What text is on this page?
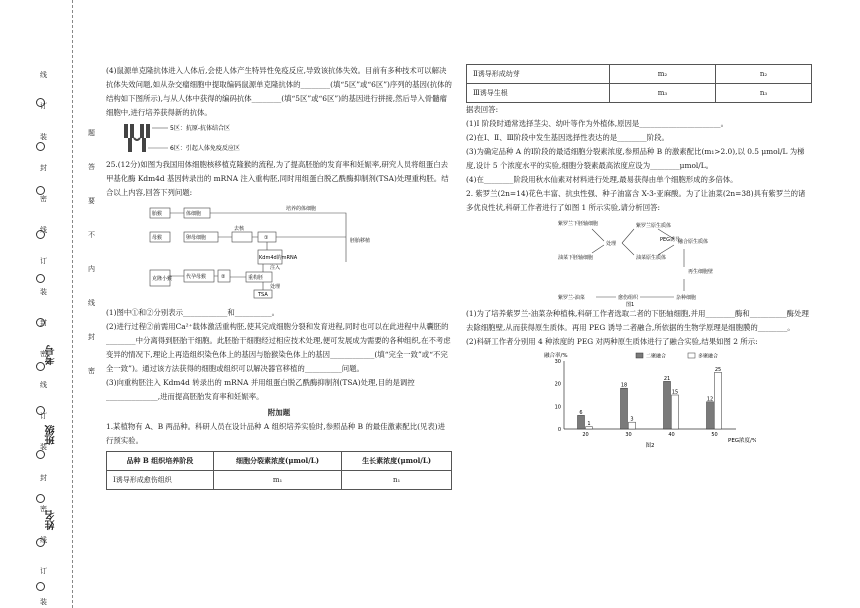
线
订
装
封
密
线
订
装
封
密
线
订
装
封
密
线
订
装
题
答
要
不
内
线
封
密
姓名
班级
考号

(4)鼠源单克隆抗体进入人体后,会使人体产生特异性免疫反应,导致该抗体失效。目前有多种技术可以解决抗体失效问题,如从杂交瘤细胞中提取编码鼠源单克隆抗体的________(填“5区”或“6区”)序列的基因(抗体的结构如下图所示),与从人体中获得的编码抗体________(填“5区”或“6区”)的基因进行拼接,然后导入骨髓瘤细胞中,进行培养获得新的抗体。

5区：抗原-抗体结合区
6区：引起人体免疫反应区

25.(12分)如图为我国用体细胞核移植克隆猴的流程,为了提高胚胎的发育率和妊娠率,研究人员将组蛋白去甲基化酶 Kdm4d 基因转录出的 mRNA 注入重构胚,同时用组蛋白脱乙酰酶抑制剂(TSA)处理重构胚。结合以上内容,回答下列问题:

胎猴	体细胞
母猴	卵母细胞
去核
①
Kdm4d的mRNA
克隆小猴	代孕母猴	②	重构胚
TSA
处理
注入
培养的体细胞
胚胎移植

(1)图中①和②分别表示____________和__________。

(2)进行过程②前需用Ca²⁺载体激活重构胚,使其完成细胞分裂和发育进程,同时也可以在此进程中从囊胚的________中分离得到胚胎干细胞。此胚胎干细胞经过相应技术处理,便可发展成为需要的各种组织,在不考虑变异的情况下,理论上再造组织染色体上的基因与胎猴染色体上的基因____________(填“完全一致”或“不完全一致”)。通过该方法获得的细胞或组织可以解决器官移植的__________问题。

(3)向重构胚注入 Kdm4d 转录出的 mRNA 并用组蛋白脱乙酰酶抑制剂(TSA)处理,目的是调控______________,进而提高胚胎发育率和妊娠率。

附加题

1.某植物有 A、B 两品种。科研人员在设计品种 A 组织培养实验时,参照品种 B 的最佳激素配比(见表)进行预实验。

品种 B 组织培养阶段	细胞分裂素浓度(μmol/L)	生长素浓度(μmol/L)
Ⅰ诱导形成愈伤组织	m₁	n₁
Ⅱ诱导形成幼芽	m₂	n₂
Ⅲ诱导生根	m₃	n₃

据表回答:

(1)Ⅰ 阶段时通常选择茎尖、幼叶等作为外植体,原因是______________________。

(2)在Ⅰ、Ⅱ、Ⅲ阶段中发生基因选择性表达的是________阶段。

(3)为确定品种 A 的Ⅰ阶段的最适细胞分裂素浓度,参照品种 B 的激素配比(m₁>2.0),以 0.5 μmol/L 为梯度,设计 5 个浓度水平的实验,细胞分裂素最高浓度应设为________μmol/L。

(4)在________阶段用秋水仙素对材料进行处理,最易获得由单个细胞形成的多倍体。

2. 紫罗兰(2n=14)花色丰富、抗虫性强、种子油富含 X-3-亚麻酸。为了让油菜(2n=38)具有紫罗兰的诸多优良性状,科研工作者进行了如图 1 所示实验,请分析回答:

紫罗兰下胚轴细胞
油菜下胚轴细胞
处理
紫罗兰原生质体
油菜原生质体
PEG诱导
融合原生质体
再生细胞壁
杂种细胞
愈伤组织
紫罗兰-油菜
图1

(1)为了培养紫罗兰-油菜杂种植株,科研工作者选取二者的下胚轴细胞,并用________酶和__________酶处理去除细胞壁,从而获得原生质体。再用 PEG 诱导二者融合,所依据的生物学原理是细胞膜的________。

(2)科研工作者分别用 4 种浓度的 PEG 对两种原生质体进行了融合实验,结果如图 2 所示:

0
10
20
30
融合率/%
PEG浓度/%
20
6
1
30
18
3
40
21
15
50
12
25
二聚融合	多聚融合
图2
